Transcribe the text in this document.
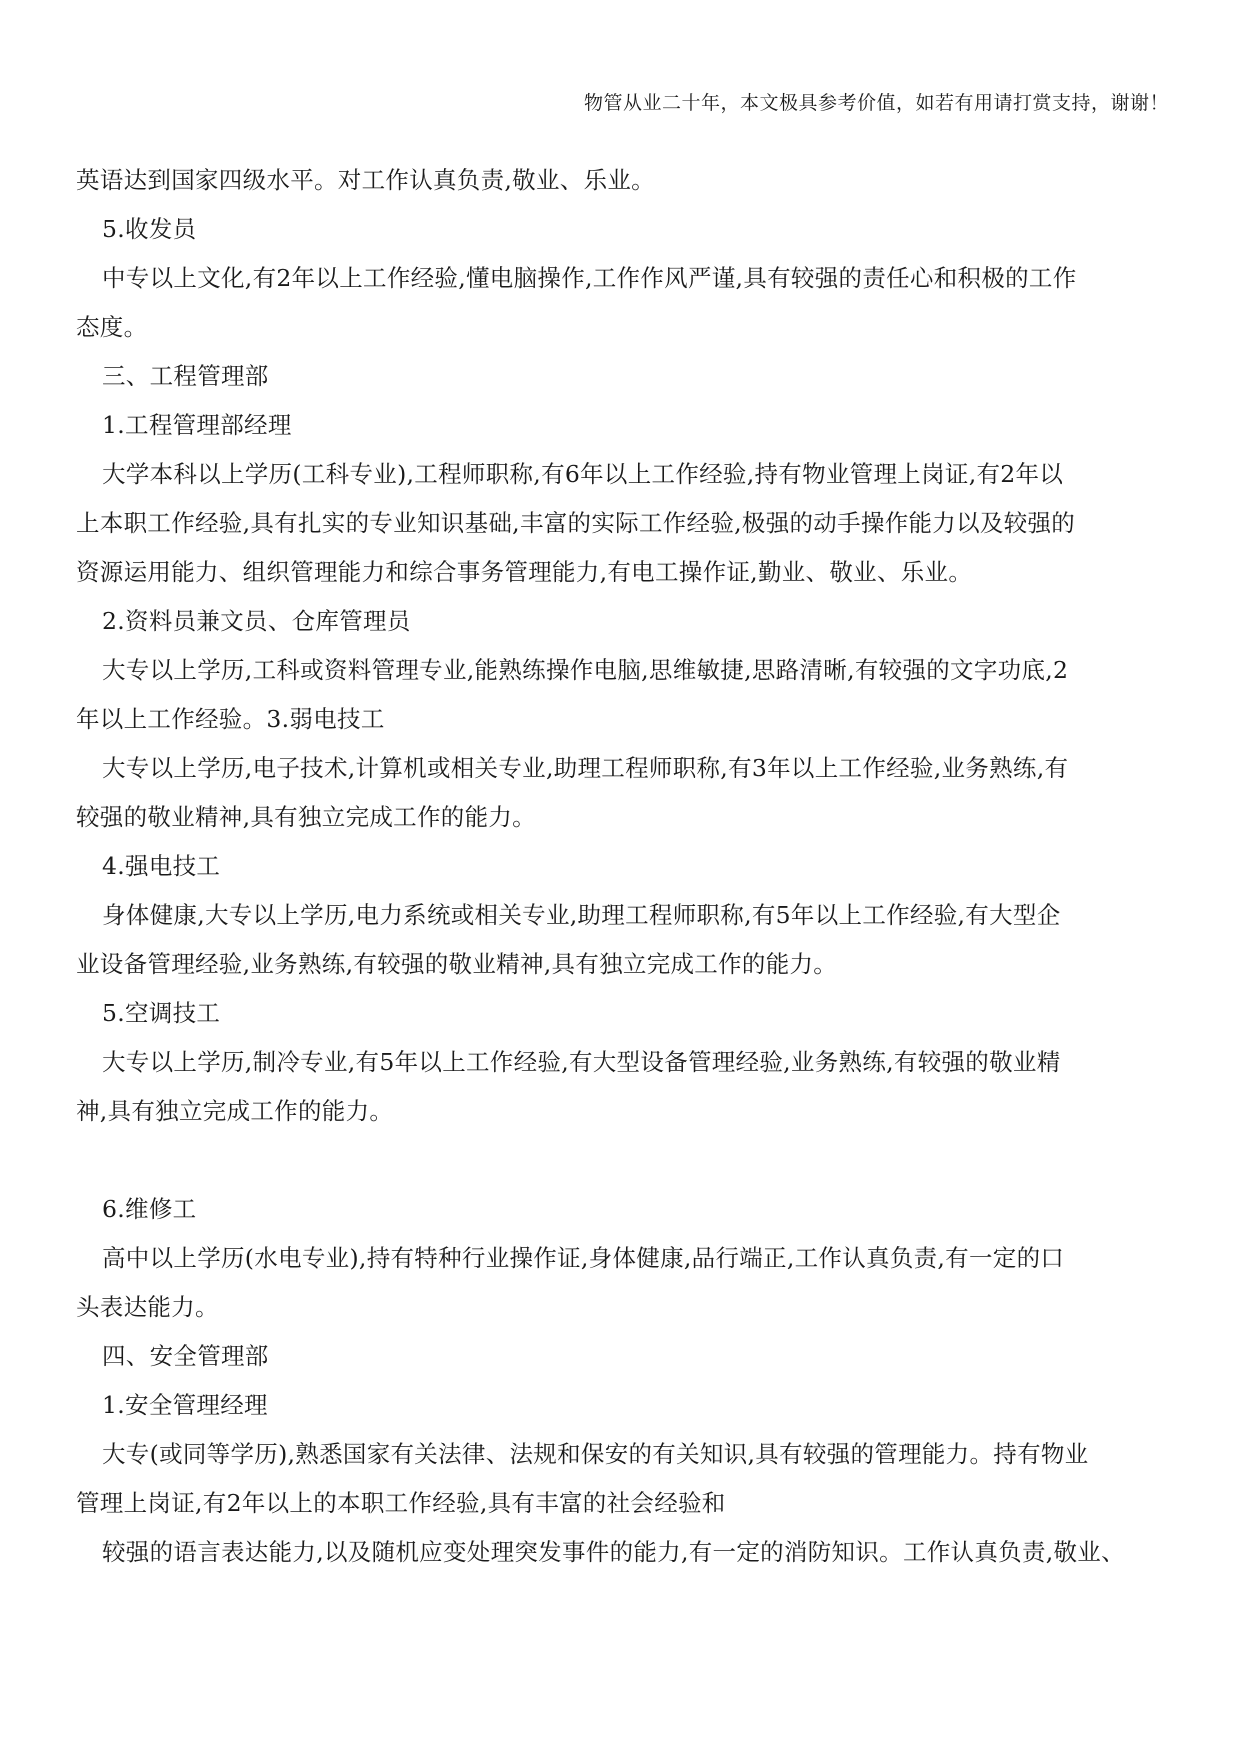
物管从业二十年，本文极具参考价值，如若有用请打赏支持，谢谢！
英语达到国家四级水平。对工作认真负责,敬业、乐业。
5.收发员
中专以上文化,有2年以上工作经验,懂电脑操作,工作作风严谨,具有较强的责任心和积极的工作
态度。
三、工程管理部
1.工程管理部经理
大学本科以上学历(工科专业),工程师职称,有6年以上工作经验,持有物业管理上岗证,有2年以
上本职工作经验,具有扎实的专业知识基础,丰富的实际工作经验,极强的动手操作能力以及较强的
资源运用能力、组织管理能力和综合事务管理能力,有电工操作证,勤业、敬业、乐业。
2.资料员兼文员、仓库管理员
大专以上学历,工科或资料管理专业,能熟练操作电脑,思维敏捷,思路清晰,有较强的文字功底,2
年以上工作经验。3.弱电技工
大专以上学历,电子技术,计算机或相关专业,助理工程师职称,有3年以上工作经验,业务熟练,有
较强的敬业精神,具有独立完成工作的能力。
4.强电技工
身体健康,大专以上学历,电力系统或相关专业,助理工程师职称,有5年以上工作经验,有大型企
业设备管理经验,业务熟练,有较强的敬业精神,具有独立完成工作的能力。
5.空调技工
大专以上学历,制冷专业,有5年以上工作经验,有大型设备管理经验,业务熟练,有较强的敬业精
神,具有独立完成工作的能力。
6.维修工
高中以上学历(水电专业),持有特种行业操作证,身体健康,品行端正,工作认真负责,有一定的口
头表达能力。
四、安全管理部
1.安全管理经理
大专(或同等学历),熟悉国家有关法律、法规和保安的有关知识,具有较强的管理能力。持有物业
管理上岗证,有2年以上的本职工作经验,具有丰富的社会经验和
较强的语言表达能力,以及随机应变处理突发事件的能力,有一定的消防知识。工作认真负责,敬业、
